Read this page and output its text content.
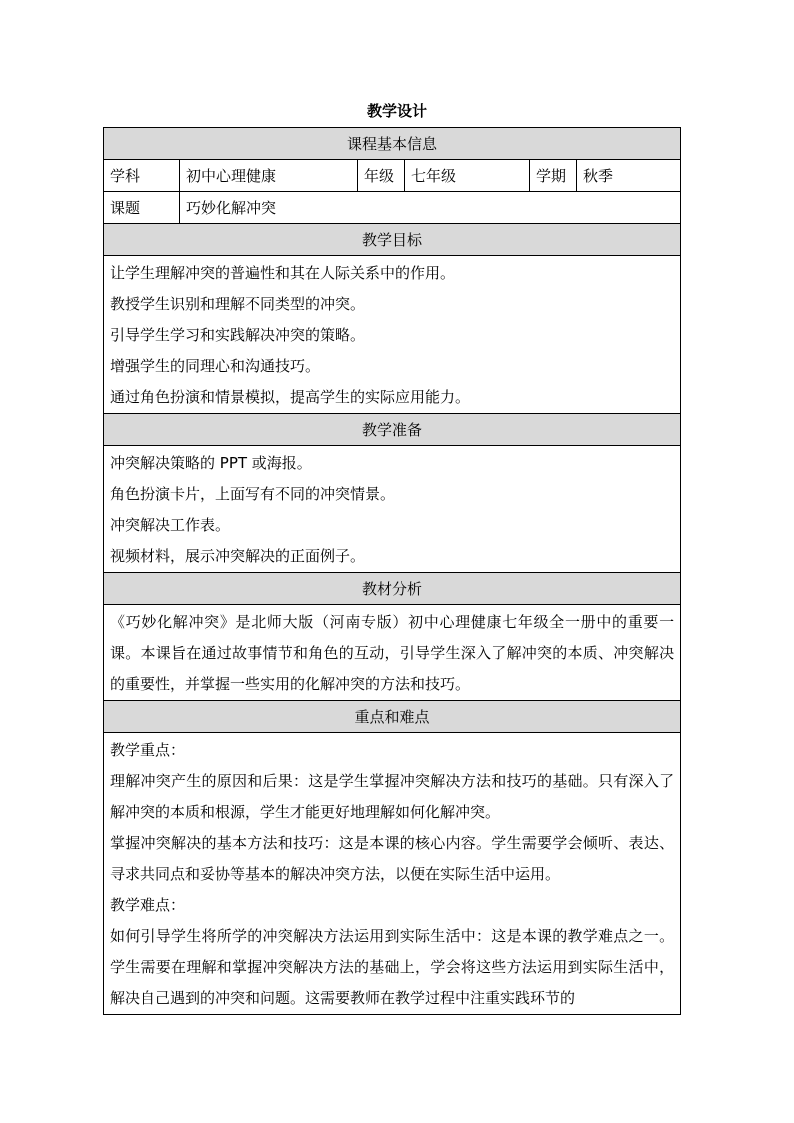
教学设计
课程基本信息					
学科	初中心理健康	年级	七年级	学期	秋季
课题	巧妙化解冲突				
教学目标					

让学生理解冲突的普遍性和其在人际关系中的作用。
教授学生识别和理解不同类型的冲突。
引导学生学习和实践解决冲突的策略。
增强学生的同理心和沟通技巧。
通过角色扮演和情景模拟，提高学生的实际应用能力。					

教学准备					

冲突解决策略的 PPT 或海报。
角色扮演卡片，上面写有不同的冲突情景。
冲突解决工作表。
视频材料，展示冲突解决的正面例子。					

教材分析					

《巧妙化解冲突》是北师大版（河南专版）初中心理健康七年级全一册中的重要一课。本课旨在通过故事情节和角色的互动，引导学生深入了解冲突的本质、冲突解决的重要性，并掌握一些实用的化解冲突的方法和技巧。					

重点和难点					

教学重点：
理解冲突产生的原因和后果：这是学生掌握冲突解决方法和技巧的基础。只有深入了解冲突的本质和根源，学生才能更好地理解如何化解冲突。
掌握冲突解决的基本方法和技巧：这是本课的核心内容。学生需要学会倾听、表达、寻求共同点和妥协等基本的解决冲突方法，以便在实际生活中运用。
教学难点：
如何引导学生将所学的冲突解决方法运用到实际生活中：这是本课的教学难点之一。学生需要在理解和掌握冲突解决方法的基础上，学会将这些方法运用到实际生活中，解决自己遇到的冲突和问题。这需要教师在教学过程中注重实践环节的					
